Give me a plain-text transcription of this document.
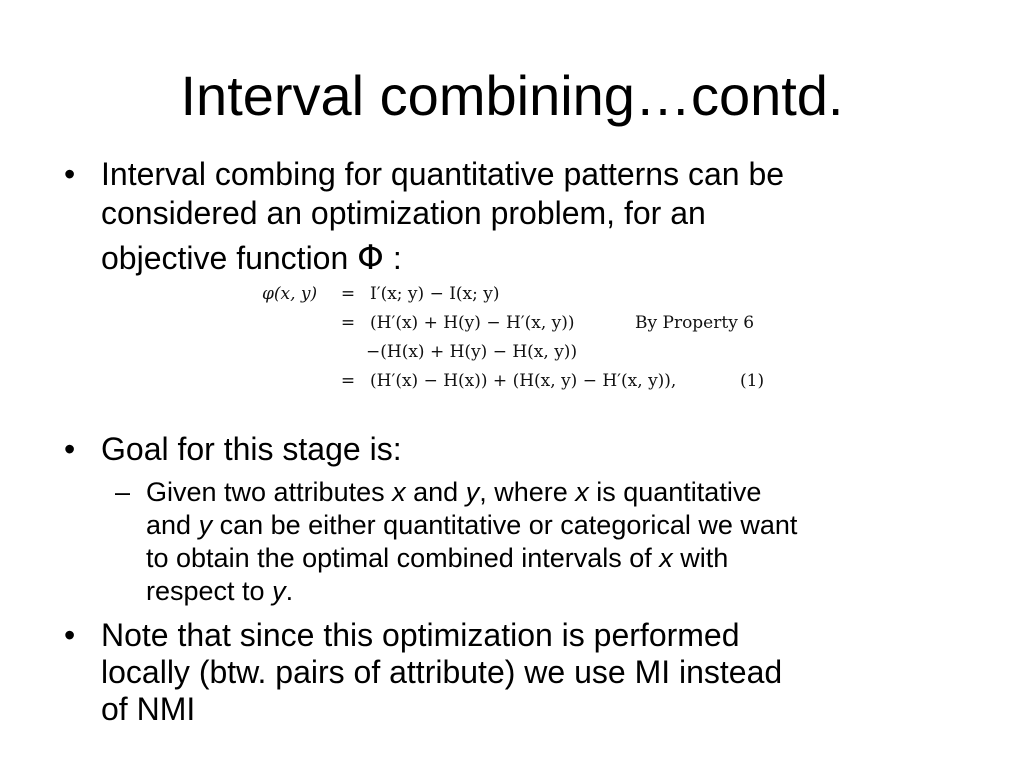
Interval combining…contd.
• Interval combing for quantitative patterns can be
considered an optimization problem, for an
objective function Φ :
φ(x, y)	= I′(x; y) − I(x; y)
= (H′(x) + H(y) − H′(x, y))	By Property 6
−(H(x) + H(y) − H(x, y))
= (H′(x) − H(x)) + (H(x, y) − H′(x, y)),	(1)
• Goal for this stage is:
– Given two attributes x and y, where x is quantitative
and y can be either quantitative or categorical we want
to obtain the optimal combined intervals of x with
respect to y.
• Note that since this optimization is performed
locally (btw. pairs of attribute) we use MI instead
of NMI
